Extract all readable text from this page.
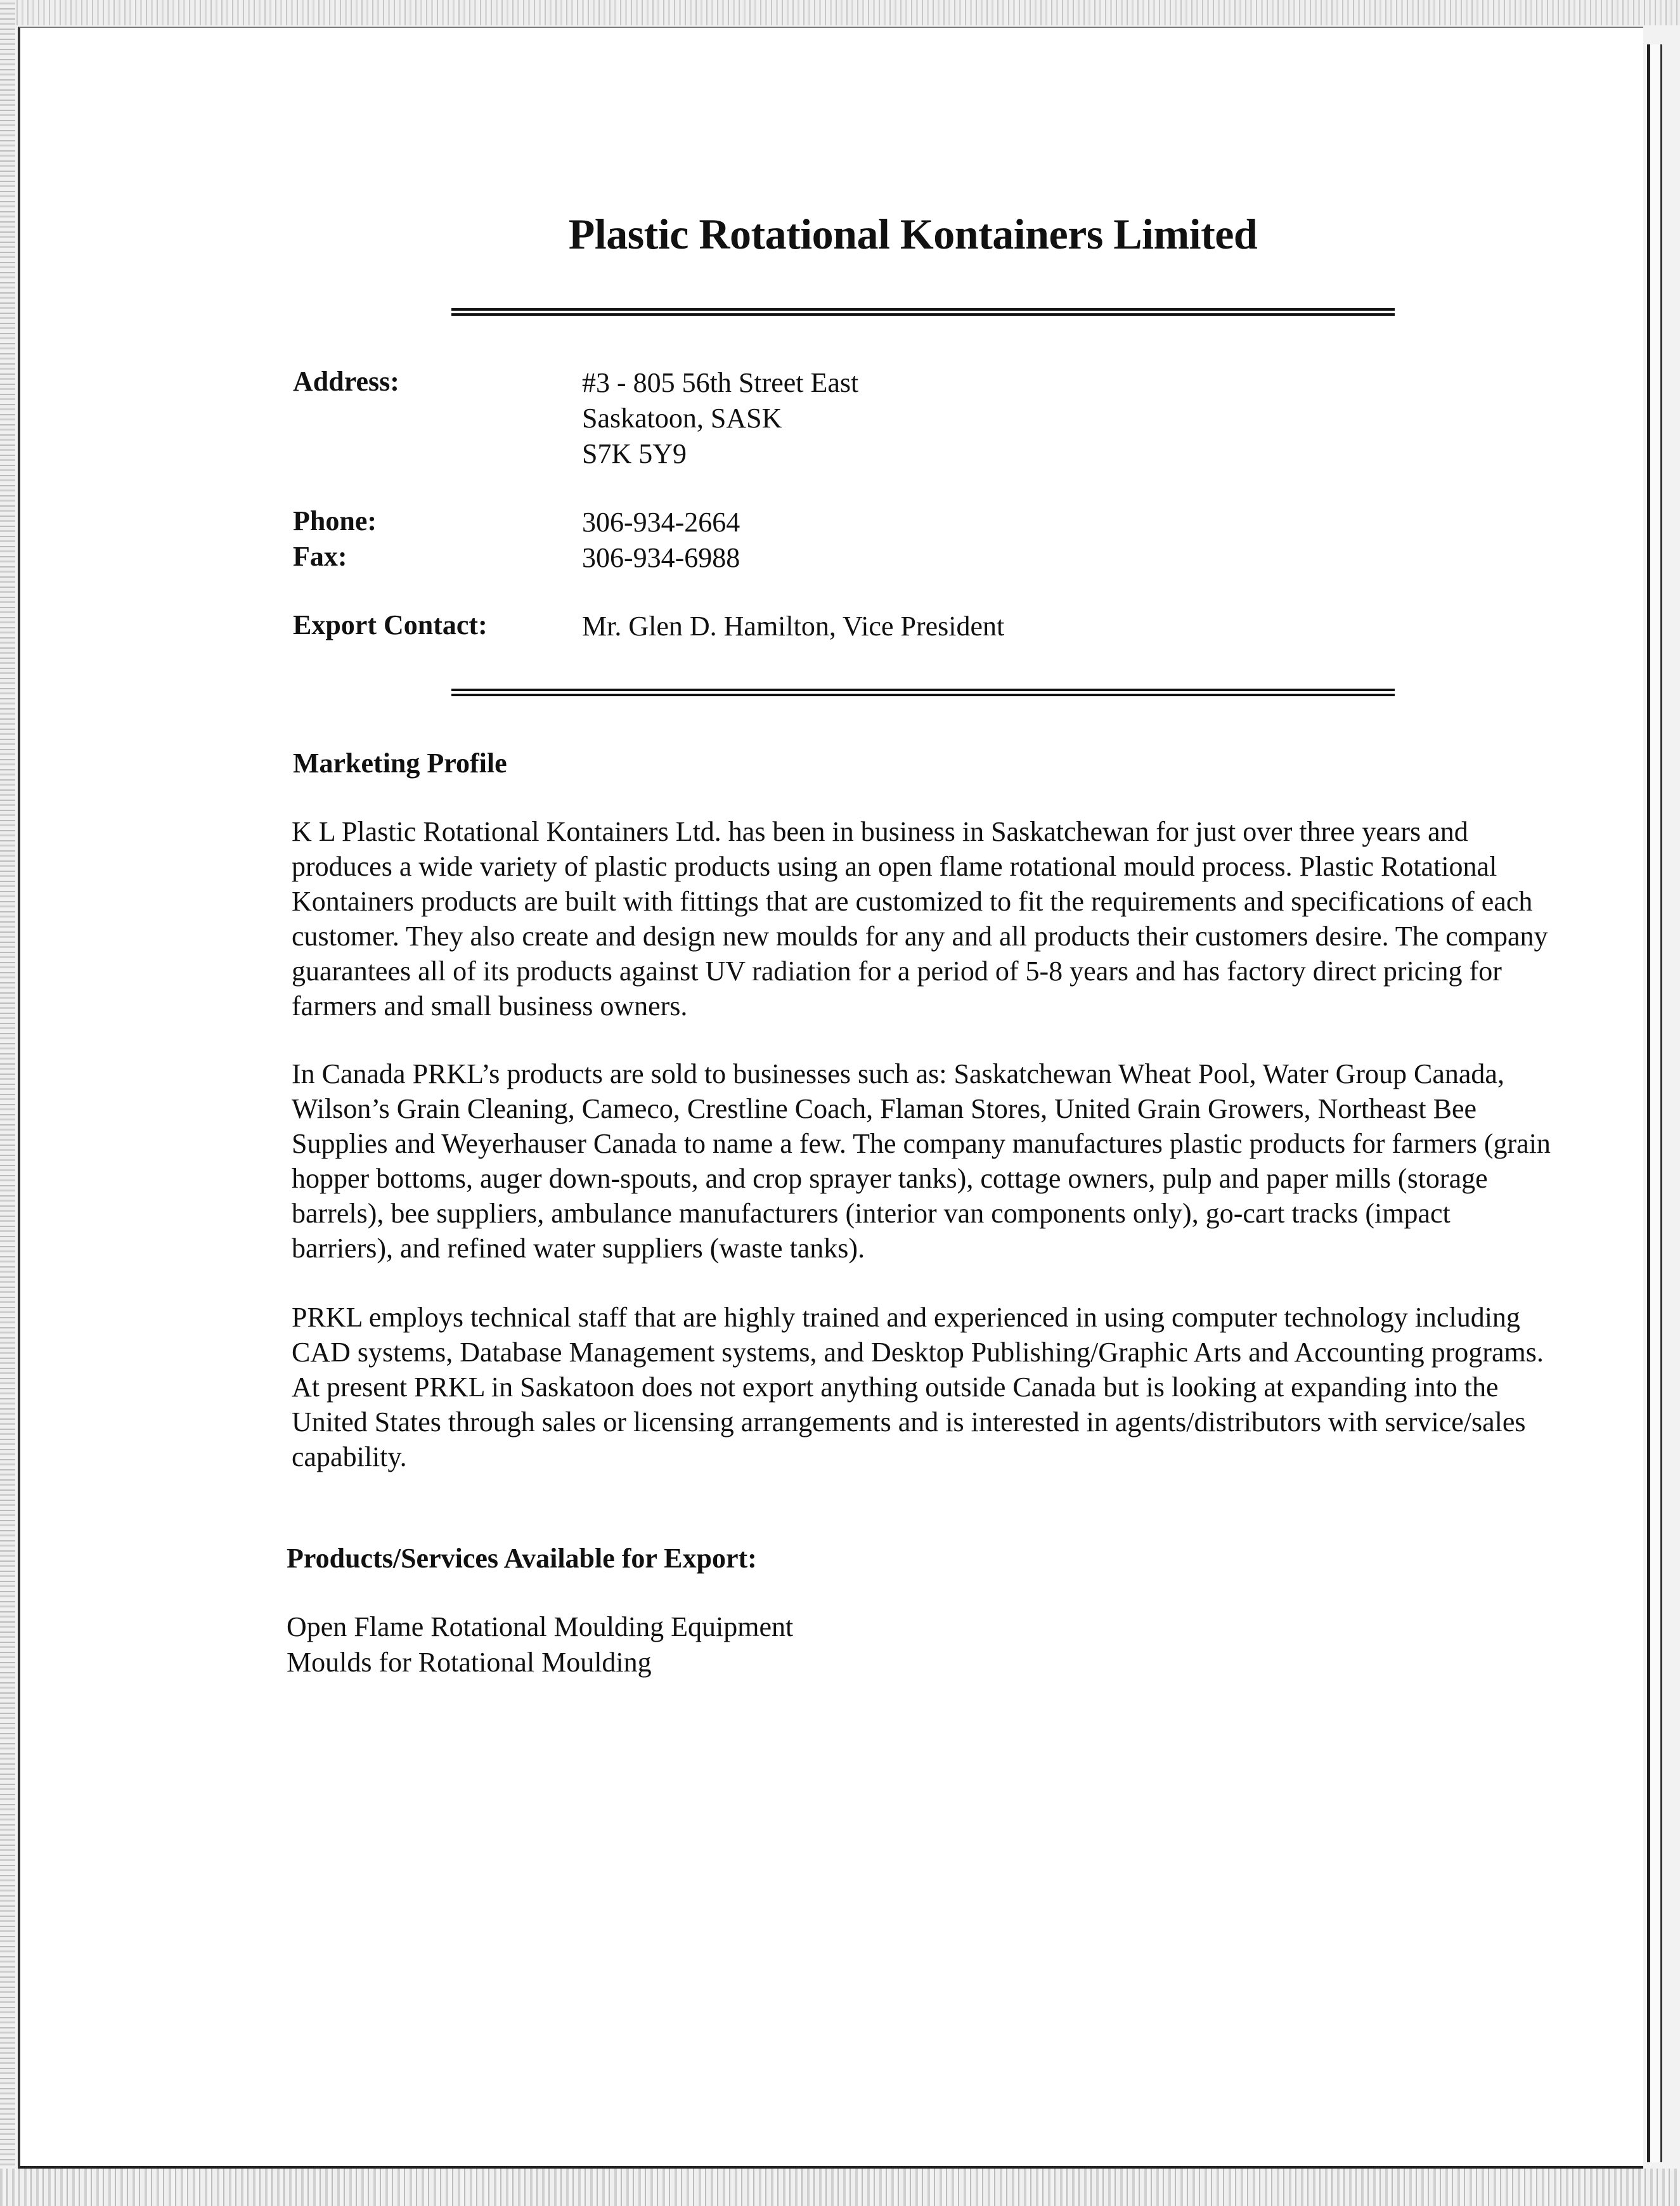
Plastic Rotational Kontainers Limited

Address:	#3 - 805 56th Street East
Saskatoon, SASK
S7K 5Y9

Phone:	306-934-2664

Fax:	306-934-6988

Export Contact:	Mr. Glen D. Hamilton, Vice President

Marketing Profile

K L Plastic Rotational Kontainers Ltd. has been in business in Saskatchewan for just over three years and produces a wide variety of plastic products using an open flame rotational mould process. Plastic Rotational Kontainers products are built with fittings that are customized to fit the requirements and specifications of each customer. They also create and design new moulds for any and all products their customers desire. The company guarantees all of its products against UV radiation for a period of 5-8 years and has factory direct pricing for farmers and small business owners.

In Canada PRKL’s products are sold to businesses such as: Saskatchewan Wheat Pool, Water Group Canada, Wilson’s Grain Cleaning, Cameco, Crestline Coach, Flaman Stores, United Grain Growers, Northeast Bee Supplies and Weyerhauser Canada to name a few. The company manufactures plastic products for farmers (grain hopper bottoms, auger down-spouts, and crop sprayer tanks), cottage owners, pulp and paper mills (storage barrels), bee suppliers, ambulance manufacturers (interior van components only), go-cart tracks (impact barriers), and refined water suppliers (waste tanks).

PRKL employs technical staff that are highly trained and experienced in using computer technology including CAD systems, Database Management systems, and Desktop Publishing/Graphic Arts and Accounting programs. At present PRKL in Saskatoon does not export anything outside Canada but is looking at expanding into the United States through sales or licensing arrangements and is interested in agents/distributors with service/sales capability.

Products/Services Available for Export:
Open Flame Rotational Moulding Equipment
Moulds for Rotational Moulding
